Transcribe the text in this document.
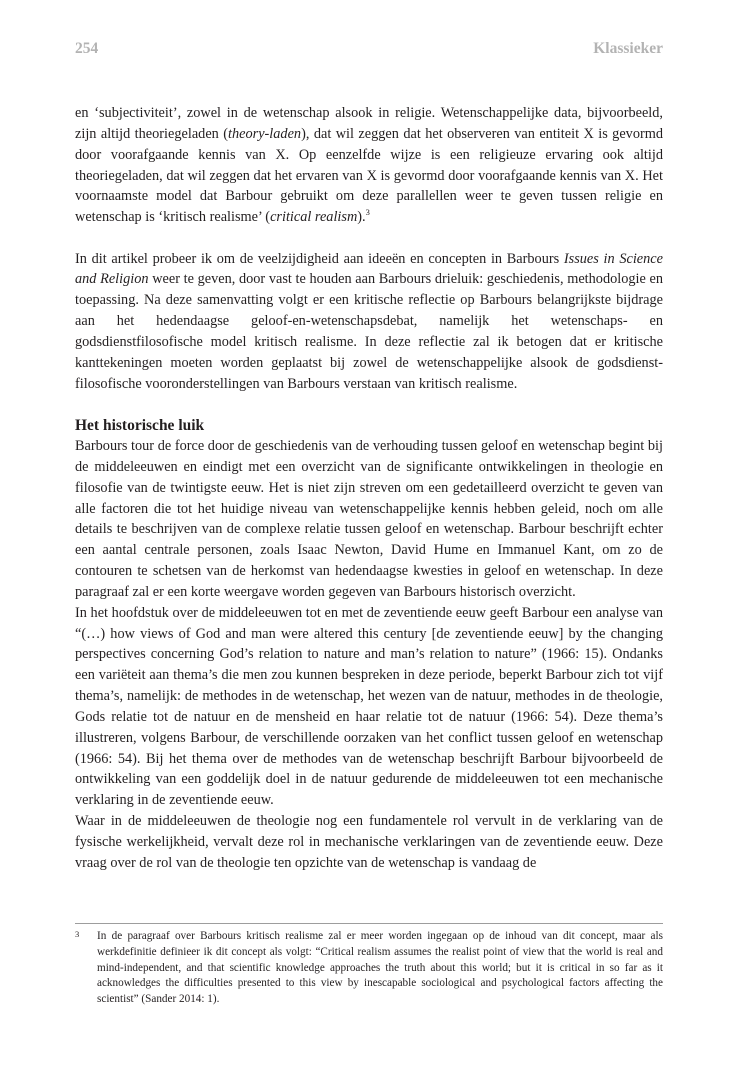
254	Klassieker

en ‘subjectiviteit’, zowel in de wetenschap alsook in religie. Wetenschappelijke data, bijvoorbeeld, zijn altijd theoriegeladen (theory-laden), dat wil zeggen dat het observeren van entiteit X is gevormd door voorafgaande kennis van X. Op eenzelfde wijze is een religieuze ervaring ook altijd theoriegeladen, dat wil zeggen dat het ervaren van X is gevormd door voorafgaande kennis van X. Het voornaamste model dat Barbour gebruikt om deze parallellen weer te geven tussen religie en wetenschap is ‘kritisch realisme’ (critical realism).$^3$

In dit artikel probeer ik om de veelzijdigheid aan ideeën en concepten in Barbours Issues in Science and Religion weer te geven, door vast te houden aan Barbours drieluik: geschiedenis, methodologie en toepassing. Na deze samenvatting volgt er een kritische reflectie op Barbours belangrijkste bijdrage aan het hedendaagse geloof-en-wetenschapsdebat, namelijk het wetenschaps- en godsdienstfilosofische model kritisch realisme. In deze reflectie zal ik betogen dat er kritische kanttekeningen moeten worden geplaatst bij zowel de wetenschappelijke alsook de godsdienst-filosofische vooronderstellingen van Barbours verstaan van kritisch realisme.

Het historische luik

Barbours tour de force door de geschiedenis van de verhouding tussen geloof en wetenschap begint bij de middeleeuwen en eindigt met een overzicht van de significante ontwikkelingen in theologie en filosofie van de twintigste eeuw. Het is niet zijn streven om een gedetailleerd overzicht te geven van alle factoren die tot het huidige niveau van wetenschappelijke kennis hebben geleid, noch om alle details te beschrijven van de complexe relatie tussen geloof en wetenschap. Barbour beschrijft echter een aantal centrale personen, zoals Isaac Newton, David Hume en Immanuel Kant, om zo de contouren te schetsen van de herkomst van hedendaagse kwesties in geloof en wetenschap. In deze paragraaf zal er een korte weergave worden gegeven van Barbours historisch overzicht.

In het hoofdstuk over de middeleeuwen tot en met de zeventiende eeuw geeft Barbour een analyse van “(…) how views of God and man were altered this century [de zeventiende eeuw] by the changing perspectives concerning God’s relation to nature and man’s relation to nature” (1966: 15). Ondanks een variëteit aan thema’s die men zou kunnen bespreken in deze periode, beperkt Barbour zich tot vijf thema’s, namelijk: de methodes in de wetenschap, het wezen van de natuur, methodes in de theologie, Gods relatie tot de natuur en de mensheid en haar relatie tot de natuur (1966: 54). Deze thema’s illustreren, volgens Barbour, de verschillende oorzaken van het conflict tussen geloof en wetenschap (1966: 54). Bij het thema over de methodes van de wetenschap beschrijft Barbour bijvoorbeeld de ontwikkeling van een goddelijk doel in de natuur gedurende de middeleeuwen tot een mechanische verklaring in de zeventiende eeuw.

Waar in de middeleeuwen de theologie nog een fundamentele rol vervult in de verklaring van de fysische werkelijkheid, vervalt deze rol in mechanische verklaringen van de zeventiende eeuw. Deze vraag over de rol van de theologie ten opzichte van de wetenschap is vandaag de

3 In de paragraaf over Barbours kritisch realisme zal er meer worden ingegaan op de inhoud van dit concept, maar als werkdefinitie definieer ik dit concept als volgt: “Critical realism assumes the realist point of view that the world is real and mind-independent, and that scientific knowledge approaches the truth about this world; but it is critical in so far as it acknowledges the difficulties presented to this view by inescapable sociological and psychological factors affecting the scientist” (Sander 2014: 1).
